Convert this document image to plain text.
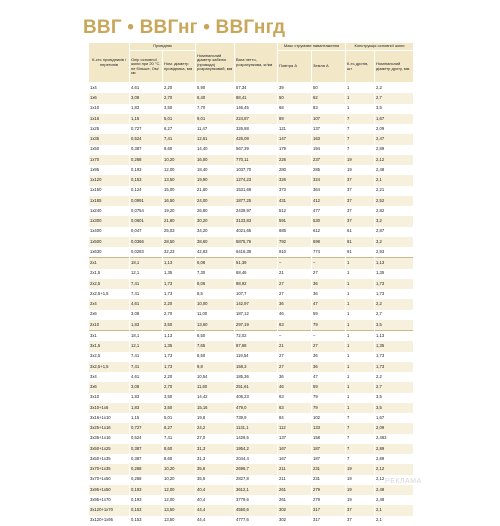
ВВГ • ВВГнг • ВВГнгд
К-сть провідників і перетинів	Провідник		Номінальний діаметр кабелю (провода) розрахунковий, мм	Вага нетто, розрахункова, кг/км	Макс струмове навантаження		Конструкція основної жили	
	Опір основної жили при 20 °С, не більше, Ом/км	Ном. діаметр провідника, мм			Повітря А	Земля А	К-ть дротів, шт	Номінальний діаметр дроту, мм
1х4	4,61	2,20	5,90	57,34	39	50	1	2,2
1х6	3,08	2,70	6,40	88,41	50	62	1	2,7
1х10	1,83	3,50	7,70	146,45	68	83	1	3,5
1х16	1,15	5,01	9,01	224,87	89	107	7	1,67
1х25	0,727	6,27	11,47	326,88	121	137	7	2,09
1х35	0,524	7,41	12,61	426,08	147	163	7	2,47
1х50	0,387	8,60	14,40	567,39	179	194	7	2,89
1х70	0,268	10,20	16,00	770,11	226	237	19	2,12
1х95	0,193	12,00	18,40	1037,70	280	285	19	2,48
1х120	0,153	13,50	19,90	1274,23	326	324	37	2,1
1х150	0,124	15,00	21,60	1531,69	373	364	37	2,21
1х185	0,0991	16,50	24,00	1877,25	431	412	37	2,52
1х240	0,0754	19,20	26,80	2439,97	512	477	37	2,82
1х300	0,0601	21,60	30,20	3133,83	591	530	37	3,2
1х400	0,047	25,03	34,20	4021,65	685	612	61	2,87
1х500	0,0366	28,50	38,60	5875,76	792	698	61	3,2
1х630	0,0283	32,23	42,83	6416,38	910	774	91	2,93
2х1	18,1	1,13	6,08	51,39	–	–	1	1,13
2х1,5	12,1	1,35	7,30	68,46	21	27	1	1,35
2х2,5	7,41	1,73	8,06	98,92	27	36	1	1,73
2х2,5+1,5	7,41	1,73	8,5	107,7	27	36	1	1,73
2х4	4,61	2,20	10,00	142,97	36	47	1	2,2
2х6	3,08	2,70	11,00	187,12	46	59	1	2,7
2х10	1,83	3,50	13,60	297,19	63	79	1	3,5
3х1	18,1	1,13	6,50	72,02	–	–	1	1,13
3х1,5	12,1	1,35	7,65	87,68	21	27	1	1,35
3х2,5	7,41	1,73	8,50	119,54	27	36	1	1,73
3х2,5+1,5	7,41	1,73	9,8	158,3	27	36	1	1,73
3х4	4,61	2,20	10,54	185,36	36	47	1	2,2
3х6	3,08	2,70	11,60	251,61	46	59	1	2,7
3х10	1,83	3,50	14,42	406,23	63	79	1	3,5
3х10+1х6	1,83	3,50	15,16	479,0	63	79	1	3,5
3х16+1х10	1,15	5,01	19,8	739,9	84	102	7	1,67
3х25+1х16	0,727	6,27	24,2	1131,1	112	133	7	2,09
3х35+1х16	0,524	7,41	27,0	1426,5	137	158	7	2,463
3х50+1х25	0,387	8,60	31,3	1954,2	167	187	7	2,89
3х50+1х35	0,387	8,60	31,3	2044,4	167	187	7	2,89
3х70+1х35	0,268	10,20	35,6	2696,7	211	231	19	2,12
3х70+1х50	0,268	10,20	35,6	2827,8	211	231	19	2,12
3х95+1х50	0,193	12,00	40,4	3612,1	261	279	19	2,48
3х95+1х70	0,193	12,00	40,4	3779,6	261	279	19	2,48
3х120+1х70	0,153	13,50	44,4	4550,6	302	317	37	2,1
3х120+1х95	0,153	13,50	44,4	4777,6	302	317	37	2,1
РЕКЛАМА
